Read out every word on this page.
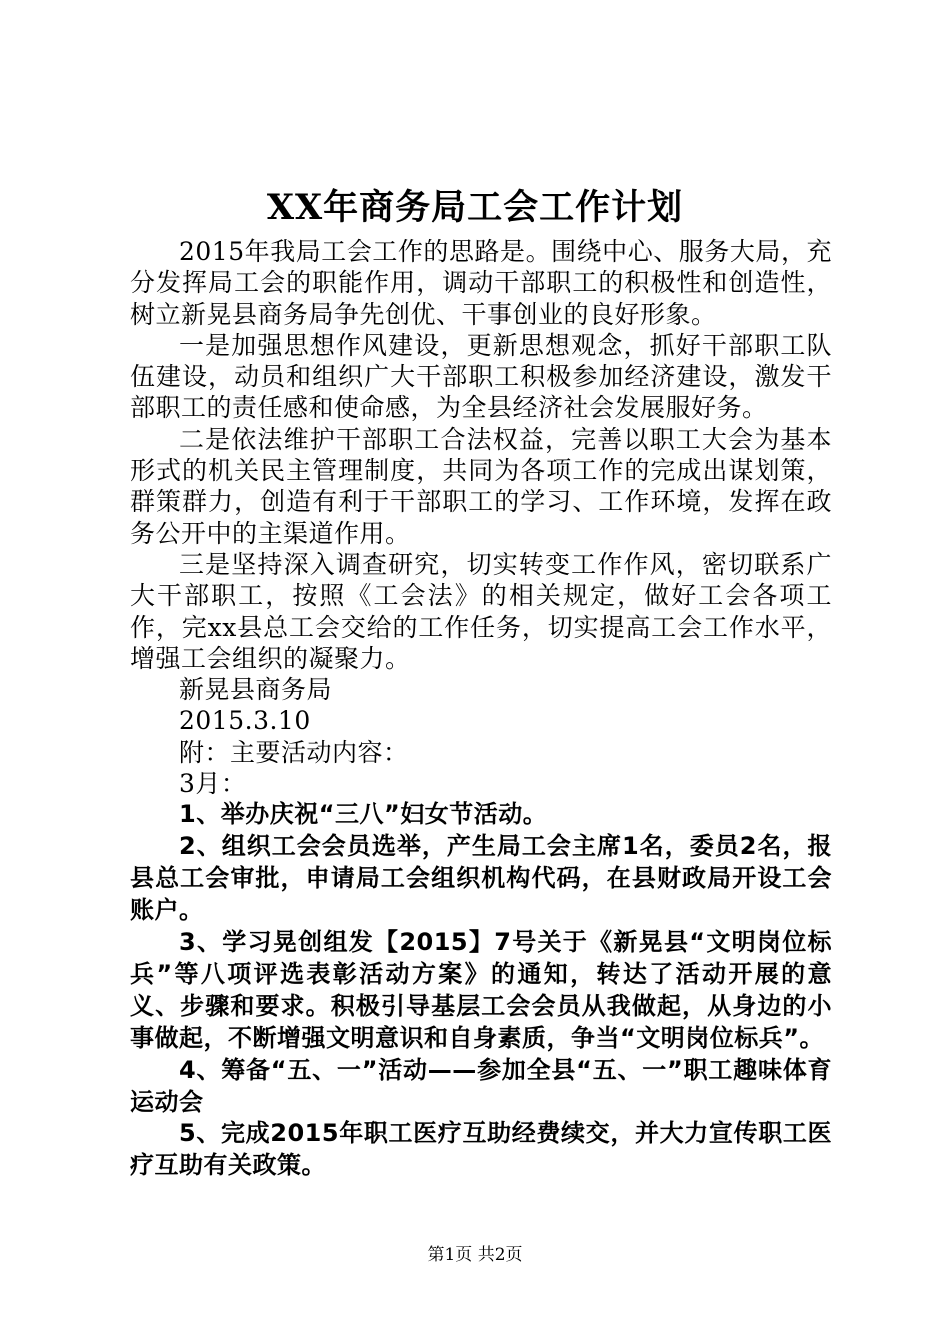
XX年商务局工会工作计划

2015年我局工会工作的思路是。围绕中心、服务大局，充分发挥局工会的职能作用，调动干部职工的积极性和创造性，树立新晃县商务局争先创优、干事创业的良好形象。

一是加强思想作风建设，更新思想观念，抓好干部职工队伍建设，动员和组织广大干部职工积极参加经济建设，激发干部职工的责任感和使命感，为全县经济社会发展服好务。

二是依法维护干部职工合法权益，完善以职工大会为基本形式的机关民主管理制度，共同为各项工作的完成出谋划策，群策群力，创造有利于干部职工的学习、工作环境，发挥在政务公开中的主渠道作用。

三是坚持深入调查研究，切实转变工作作风，密切联系广大干部职工，按照《工会法》的相关规定，做好工会各项工作，完xx县总工会交给的工作任务，切实提高工会工作水平，增强工会组织的凝聚力。

新晃县商务局

2015.3.10

附：主要活动内容：

3月：

1、举办庆祝“三八”妇女节活动。

2、组织工会会员选举，产生局工会主席1名，委员2名，报县总工会审批，申请局工会组织机构代码，在县财政局开设工会账户。

3、学习晃创组发【2015】7号关于《新晃县“文明岗位标兵”等八项评选表彰活动方案》的通知，转达了活动开展的意义、步骤和要求。积极引导基层工会会员从我做起，从身边的小事做起，不断增强文明意识和自身素质，争当“文明岗位标兵”。

4、筹备“五、一”活动——参加全县“五、一”职工趣味体育运动会

5、完成2015年职工医疗互助经费续交，并大力宣传职工医疗互助有关政策。

第1页 共2页
